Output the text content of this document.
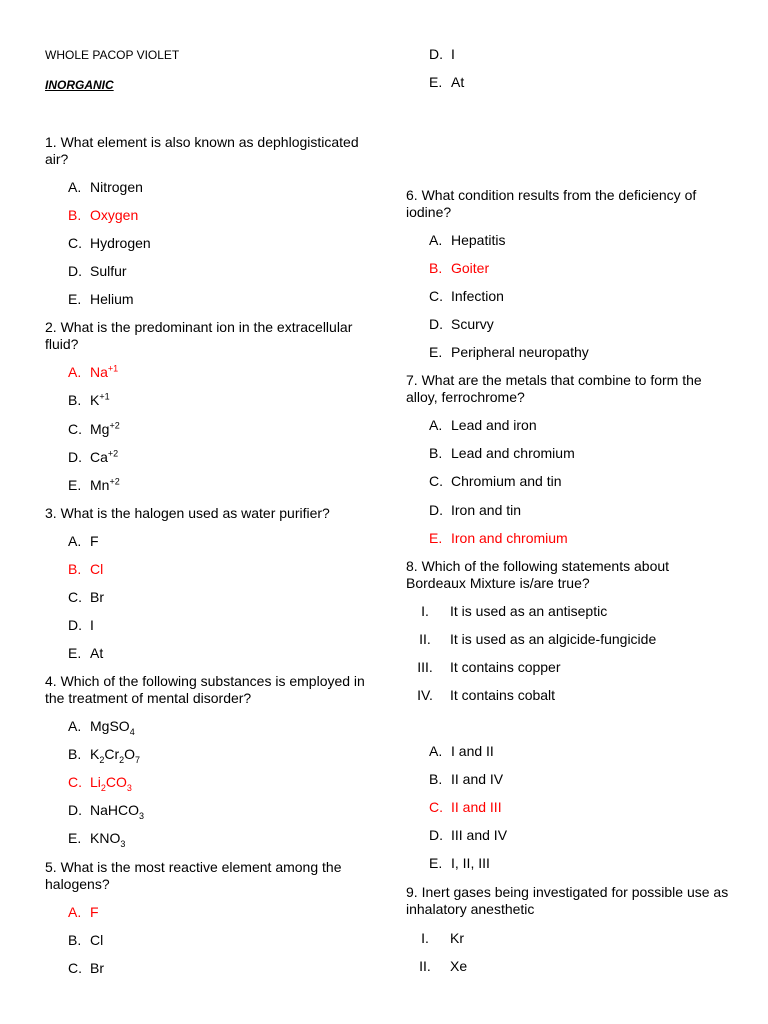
WHOLE PACOP VIOLET
INORGANIC
1. What element is also known as dephlogisticated air?
A. Nitrogen
B. Oxygen
C. Hydrogen
D. Sulfur
E. Helium
2. What is the predominant ion in the extracellular fluid?
A. $Na^{+1}$
B. $K^{+1}$
C. $Mg^{+2}$
D. $Ca^{+2}$
E. $Mn^{+2}$
3. What is the halogen used as water purifier?
A. F
B. Cl
C. Br
D. I
E. At
4. Which of the following substances is employed in the treatment of mental disorder?
A. MgSO$_4$
B. $K_2Cr_2O_7$
C. $Li_2CO_3$
D. NaHCO$_3$
E. $KNO_3$
5. What is the most reactive element among the halogens?
A. F
B. Cl
C. Br
D. I
E. At
6. What condition results from the deficiency of iodine?
A. Hepatitis
B. Goiter
C. Infection
D. Scurvy
E. Peripheral neuropathy
7. What are the metals that combine to form the alloy, ferrochrome?
A. Lead and iron
B. Lead and chromium
C. Chromium and tin
D. Iron and tin
E. Iron and chromium
8. Which of the following statements about Bordeaux Mixture is/are true?
I. It is used as an antiseptic
II. It is used as an algicide-fungicide
III. It contains copper
IV. It contains cobalt
A. I and II
B. II and IV
C. II and III
D. III and IV
E. I, II, III
9. Inert gases being investigated for possible use as inhalatory anesthetic
I. Kr
II. Xe
